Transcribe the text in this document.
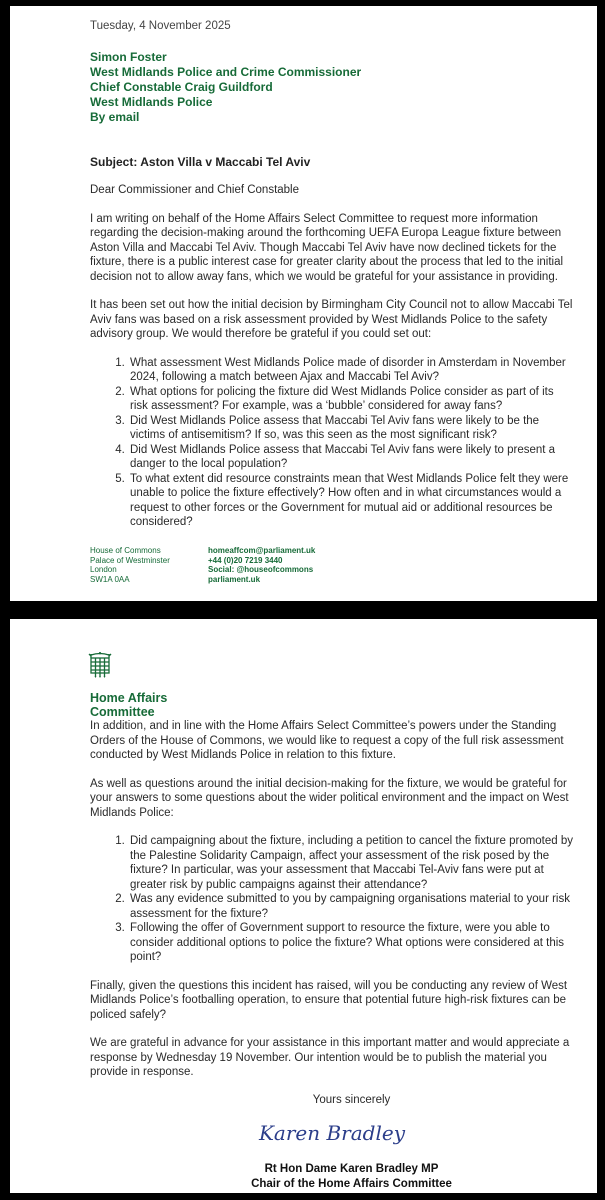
Tuesday, 4 November 2025
Simon Foster
West Midlands Police and Crime Commissioner
Chief Constable Craig Guildford
West Midlands Police
By email
Subject: Aston Villa v Maccabi Tel Aviv
Dear Commissioner and Chief Constable

I am writing on behalf of the Home Affairs Select Committee to request more information regarding the decision-making around the forthcoming UEFA Europa League fixture between Aston Villa and Maccabi Tel Aviv. Though Maccabi Tel Aviv have now declined tickets for the fixture, there is a public interest case for greater clarity about the process that led to the initial decision not to allow away fans, which we would be grateful for your assistance in providing.

It has been set out how the initial decision by Birmingham City Council not to allow Maccabi Tel Aviv fans was based on a risk assessment provided by West Midlands Police to the safety advisory group. We would therefore be grateful if you could set out:

1. What assessment West Midlands Police made of disorder in Amsterdam in November 2024, following a match between Ajax and Maccabi Tel Aviv?
2. What options for policing the fixture did West Midlands Police consider as part of its risk assessment? For example, was a ‘bubble’ considered for away fans?
3. Did West Midlands Police assess that Maccabi Tel Aviv fans were likely to be the victims of antisemitism? If so, was this seen as the most significant risk?
4. Did West Midlands Police assess that Maccabi Tel Aviv fans were likely to present a danger to the local population?
5. To what extent did resource constraints mean that West Midlands Police felt they were unable to police the fixture effectively? How often and in what circumstances would a request to other forces or the Government for mutual aid or additional resources be considered?
House of Commons
Palace of Westminster
London
SW1A 0AA
homeaffcom@parliament.uk
+44 (0)20 7219 3440
Social: @houseofcommons
parliament.uk
Home Affairs
Committee

In addition, and in line with the Home Affairs Select Committee’s powers under the Standing Orders of the House of Commons, we would like to request a copy of the full risk assessment conducted by West Midlands Police in relation to this fixture.

As well as questions around the initial decision-making for the fixture, we would be grateful for your answers to some questions about the wider political environment and the impact on West Midlands Police:

1. Did campaigning about the fixture, including a petition to cancel the fixture promoted by the Palestine Solidarity Campaign, affect your assessment of the risk posed by the fixture? In particular, was your assessment that Maccabi Tel-Aviv fans were put at greater risk by public campaigns against their attendance?
2. Was any evidence submitted to you by campaigning organisations material to your risk assessment for the fixture?
3. Following the offer of Government support to resource the fixture, were you able to consider additional options to police the fixture? What options were considered at this point?

Finally, given the questions this incident has raised, will you be conducting any review of West Midlands Police’s footballing operation, to ensure that potential future high-risk fixtures can be policed safely?

We are grateful in advance for your assistance in this important matter and would appreciate a response by Wednesday 19 November. Our intention would be to publish the material you provide in response.

Yours sincerely
Karen Bradley
Rt Hon Dame Karen Bradley MP
Chair of the Home Affairs Committee
